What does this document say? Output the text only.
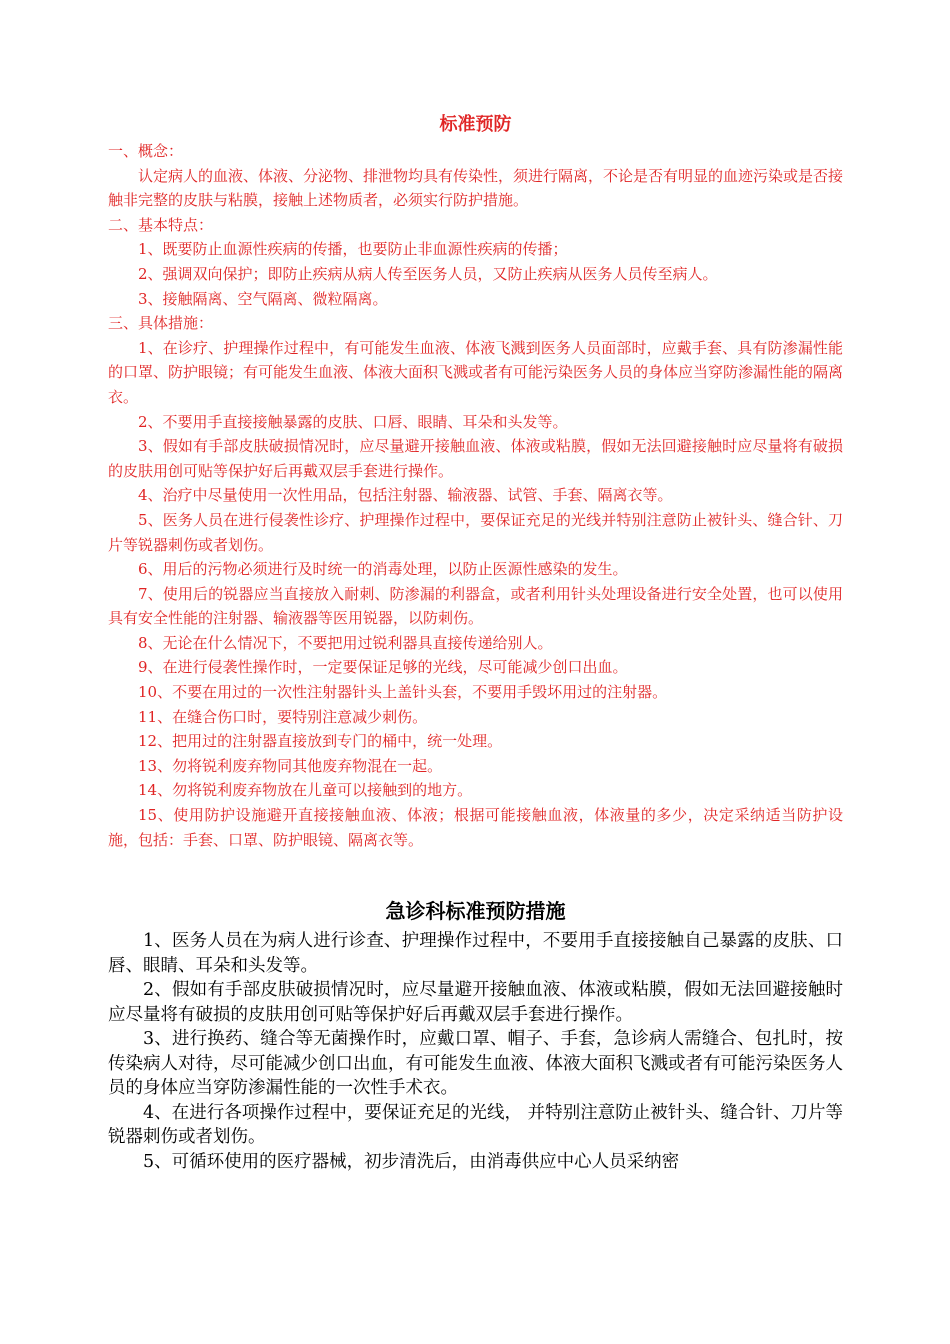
标准预防

一、概念：

认定病人的血液、体液、分泌物、排泄物均具有传染性，须进行隔离，不论是否有明显的血迹污染或是否接触非完整的皮肤与粘膜，接触上述物质者，必须实行防护措施。

二、基本特点：

1、既要防止血源性疾病的传播，也要防止非血源性疾病的传播；

2、强调双向保护；即防止疾病从病人传至医务人员，又防止疾病从医务人员传至病人。

3、接触隔离、空气隔离、微粒隔离。

三、具体措施：

1、在诊疗、护理操作过程中，有可能发生血液、体液飞溅到医务人员面部时，应戴手套、具有防渗漏性能的口罩、防护眼镜；有可能发生血液、体液大面积飞溅或者有可能污染医务人员的身体应当穿防渗漏性能的隔离衣。

2、不要用手直接接触暴露的皮肤、口唇、眼睛、耳朵和头发等。

3、假如有手部皮肤破损情况时，应尽量避开接触血液、体液或粘膜，假如无法回避接触时应尽量将有破损的皮肤用创可贴等保护好后再戴双层手套进行操作。

4、治疗中尽量使用一次性用品，包括注射器、输液器、试管、手套、隔离衣等。

5、医务人员在进行侵袭性诊疗、护理操作过程中，要保证充足的光线并特别注意防止被针头、缝合针、刀片等锐器刺伤或者划伤。

6、用后的污物必须进行及时统一的消毒处理，以防止医源性感染的发生。

7、使用后的锐器应当直接放入耐刺、防渗漏的利器盒，或者利用针头处理设备进行安全处置，也可以使用具有安全性能的注射器、输液器等医用锐器，以防刺伤。

8、无论在什么情况下，不要把用过锐利器具直接传递给别人。

9、在进行侵袭性操作时，一定要保证足够的光线，尽可能减少创口出血。

10、不要在用过的一次性注射器针头上盖针头套，不要用手毁坏用过的注射器。

11、在缝合伤口时，要特别注意减少刺伤。

12、把用过的注射器直接放到专门的桶中，统一处理。

13、勿将锐利废弃物同其他废弃物混在一起。

14、勿将锐利废弃物放在儿童可以接触到的地方。

15、使用防护设施避开直接接触血液、体液；根据可能接触血液，体液量的多少，决定采纳适当防护设施，包括：手套、口罩、防护眼镜、隔离衣等。

急诊科标准预防措施

1、医务人员在为病人进行诊查、护理操作过程中，不要用手直接接触自己暴露的皮肤、口唇、眼睛、耳朵和头发等。

2、假如有手部皮肤破损情况时，应尽量避开接触血液、体液或粘膜，假如无法回避接触时应尽量将有破损的皮肤用创可贴等保护好后再戴双层手套进行操作。

3、进行换药、缝合等无菌操作时，应戴口罩、帽子、手套，急诊病人需缝合、包扎时，按传染病人对待，尽可能减少创口出血，有可能发生血液、体液大面积飞溅或者有可能污染医务人员的身体应当穿防渗漏性能的一次性手术衣。

4、在进行各项操作过程中，要保证充足的光线， 并特别注意防止被针头、缝合针、刀片等锐器刺伤或者划伤。

5、可循环使用的医疗器械，初步清洗后，由消毒供应中心人员采纳密
